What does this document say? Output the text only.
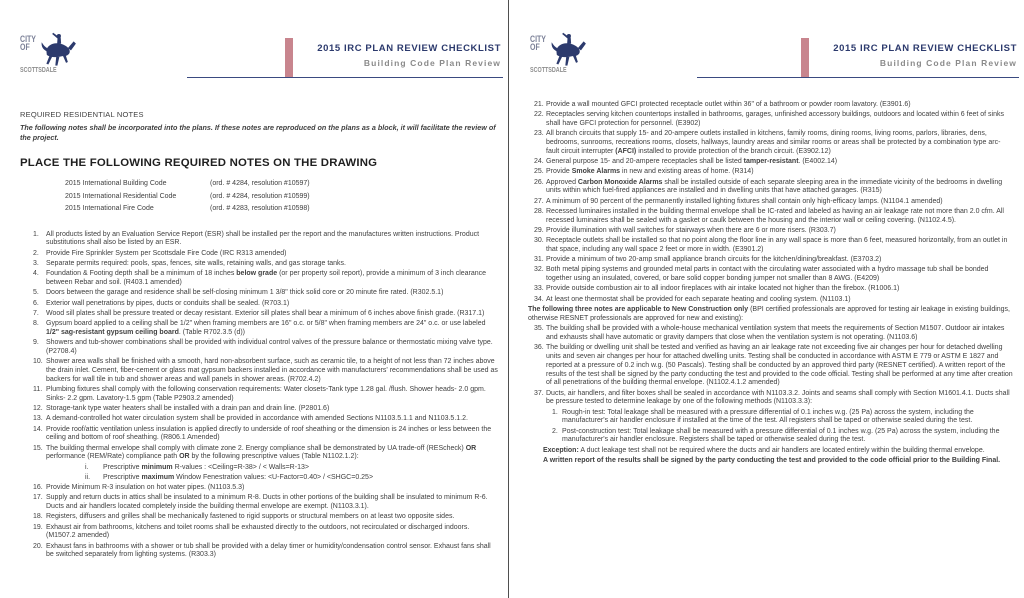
CITY
OF
SCOTTSDALE
2015 IRC PLAN REVIEW CHECKLIST
Building Code Plan Review
REQUIRED RESIDENTIAL NOTES

The following notes shall be incorporated into the plans. If these notes are reproduced on the plans as a block, it will facilitate the review of the project.

PLACE THE FOLLOWING REQUIRED NOTES ON THE DRAWING
2015 International Building Code	(ord. # 4284, resolution #10597)
2015 International Residential Code	(ord. # 4284, resolution #10599)
2015 International Fire Code	(ord. # 4283, resolution #10598)
1.	All products listed by an Evaluation Service Report (ESR) shall be installed per the report and the manufactures written instructions. Product substitutions shall also be listed by an ESR.
2.	Provide Fire Sprinkler System per Scottsdale Fire Code (IRC R313 amended)
3.	Separate permits required: pools, spas, fences, site walls, retaining walls, and gas storage tanks.
4.	Foundation & Footing depth shall be a minimum of 18 inches below grade (or per property soil report), provide a minimum of 3 inch clearance between Rebar and soil. (R403.1 amended)
5.	Doors between the garage and residence shall be self-closing minimum 1 3/8" thick solid core or 20 minute fire rated. (R302.5.1)
6.	Exterior wall penetrations by pipes, ducts or conduits shall be sealed. (R703.1)
7.	Wood sill plates shall be pressure treated or decay resistant. Exterior sill plates shall bear a minimum of 6 inches above finish grade. (R317.1)
8.	Gypsum board applied to a ceiling shall be 1/2" when framing members are 16" o.c. or 5/8" when framing members are 24" o.c. or use labeled 1/2" sag-resistant gypsum ceiling board. (Table R702.3.5 (d))
9.	Showers and tub-shower combinations shall be provided with individual control valves of the pressure balance or thermostatic mixing valve type. (P2708.4)
10. Shower area walls shall be finished with a smooth, hard non-absorbent surface, such as ceramic tile, to a height of not less than 72 inches above the drain inlet. Cement, fiber-cement or glass mat gypsum backers installed in accordance with manufacturers' recommendations shall be used as backers for wall tile in tub and shower areas and wall panels in shower areas. (R702.4.2)
11. Plumbing fixtures shall comply with the following conservation requirements: Water closets-Tank type 1.28 gal. /flush. Shower heads- 2.0 gpm. Sinks- 2.2 gpm. Lavatory-1.5 gpm (Table P2903.2 amended)
12. Storage-tank type water heaters shall be installed with a drain pan and drain line. (P2801.6)
13. A demand-controlled hot water circulation system shall be provided in accordance with amended Sections N1103.5.1.1 and N1103.5.1.2.
14. Provide roof/attic ventilation unless insulation is applied directly to underside of roof sheathing or the dimension is 24 inches or less between the ceiling and bottom of roof sheathing. (R806.1 Amended)
15. The building thermal envelope shall comply with climate zone 2. Energy compliance shall be demonstrated by UA trade-off (REScheck) OR performance (REM/Rate) compliance path OR by the following prescriptive values (Table N1102.1.2):
i.	Prescriptive minimum R-values : <Ceiling=R-38> / < Walls=R-13>
ii.	Prescriptive maximum Window Fenestration values: <U-Factor=0.40> / <SHGC=0.25>
16. Provide Minimum R-3 insulation on hot water pipes. (N1103.5.3)
17. Supply and return ducts in attics shall be insulated to a minimum R-8. Ducts in other portions of the building shall be insulated to minimum R-6. Ducts and air handlers located completely inside the building thermal envelope are exempt. (N1103.3.1).
18. Registers, diffusers and grilles shall be mechanically fastened to rigid supports or structural members on at least two opposite sides.
19. Exhaust air from bathrooms, kitchens and toilet rooms shall be exhausted directly to the outdoors, not recirculated or discharged indoors. (M1507.2 amended)
20. Exhaust fans in bathrooms with a shower or tub shall be provided with a delay timer or humidity/condensation control sensor. Exhaust fans shall be switched separately from lighting systems. (R303.3)
CITY
OF
SCOTTSDALE
2015 IRC PLAN REVIEW CHECKLIST
Building Code Plan Review
21. Provide a wall mounted GFCI protected receptacle outlet within 36" of a bathroom or powder room lavatory. (E3901.6)
22. Receptacles serving kitchen countertops installed in bathrooms, garages, unfinished accessory buildings, outdoors and located within 6 feet of sinks shall have GFCI protection for personnel. (E3902)
23. All branch circuits that supply 15- and 20-ampere outlets installed in kitchens, family rooms, dining rooms, living rooms, parlors, libraries, dens, bedrooms, sunrooms, recreations rooms, closets, hallways, laundry areas and similar rooms or areas shall be protected by a combination type arc-fault circuit interrupter (AFCI) installed to provide protection of the branch circuit. (E3902.12)
24. General purpose 15- and 20-ampere receptacles shall be listed tamper-resistant. (E4002.14)
25. Provide Smoke Alarms in new and existing areas of home. (R314)
26. Approved Carbon Monoxide Alarms shall be installed outside of each separate sleeping area in the immediate vicinity of the bedrooms in dwelling units within which fuel-fired appliances are installed and in dwelling units that have attached garages. (R315)
27. A minimum of 90 percent of the permanently installed lighting fixtures shall contain only high-efficacy lamps. (N1104.1 amended)
28. Recessed luminaires installed in the building thermal envelope shall be IC-rated and labeled as having an air leakage rate not more than 2.0 cfm. All recessed luminaires shall be sealed with a gasket or caulk between the housing and the interior wall or ceiling covering. (N1102.4.5).
29. Provide illumination with wall switches for stairways when there are 6 or more risers. (R303.7)
30. Receptacle outlets shall be installed so that no point along the floor line in any wall space is more than 6 feet, measured horizontally, from an outlet in that space, including any wall space 2 feet or more in width. (E3901.2)
31. Provide a minimum of two 20-amp small appliance branch circuits for the kitchen/dining/breakfast. (E3703.2)
32. Both metal piping systems and grounded metal parts in contact with the circulating water associated with a hydro massage tub shall be bonded together using an insulated, covered, or bare solid copper bonding jumper not smaller than 8 AWG. (E4209)
33. Provide outside combustion air to all indoor fireplaces with air intake located not higher than the firebox. (R1006.1)
34. At least one thermostat shall be provided for each separate heating and cooling system. (N1103.1)
The following three notes are applicable to New Construction only (BPI certified professionals are approved for testing air leakage in existing buildings, otherwise RESNET professionals are approved for new and existing):
35. The building shall be provided with a whole-house mechanical ventilation system that meets the requirements of Section M1507. Outdoor air intakes and exhausts shall have automatic or gravity dampers that close when the ventilation system is not operating. (N1103.6)
36. The building or dwelling unit shall be tested and verified as having an air leakage rate not exceeding five air changes per hour for detached dwelling units and seven air changes per hour for attached dwelling units. Testing shall be conducted in accordance with ASTM E 779 or ASTM E 1827 and reported at a pressure of 0.2 inch w.g. (50 Pascals). Testing shall be conducted by an approved third party (RESNET certified). A written report of the results of the test shall be signed by the party conducting the test and provided to the code official. Testing shall be performed at any time after creation of all penetrations of the building thermal envelope. (N1102.4.1.2 amended)
37. Ducts, air handlers, and filter boxes shall be sealed in accordance with N1103.3.2. Joints and seams shall comply with Section M1601.4.1. Ducts shall be pressure tested to determine leakage by one of the following methods (N1103.3.3):
1. Rough-in test: Total leakage shall be measured with a pressure differential of 0.1 inches w.g. (25 Pa) across the system, including the manufacturer's air handler enclosure if installed at the time of the test. All registers shall be taped or otherwise sealed during the test.
2. Post-construction test: Total leakage shall be measured with a pressure differential of 0.1 inches w.g. (25 Pa) across the system, including the manufacturer's air handler enclosure. Registers shall be taped or otherwise sealed during the test.
Exception: A duct leakage test shall not be required where the ducts and air handlers are located entirely within the building thermal envelope.
A written report of the results shall be signed by the party conducting the test and provided to the code official prior to the Building Final.
